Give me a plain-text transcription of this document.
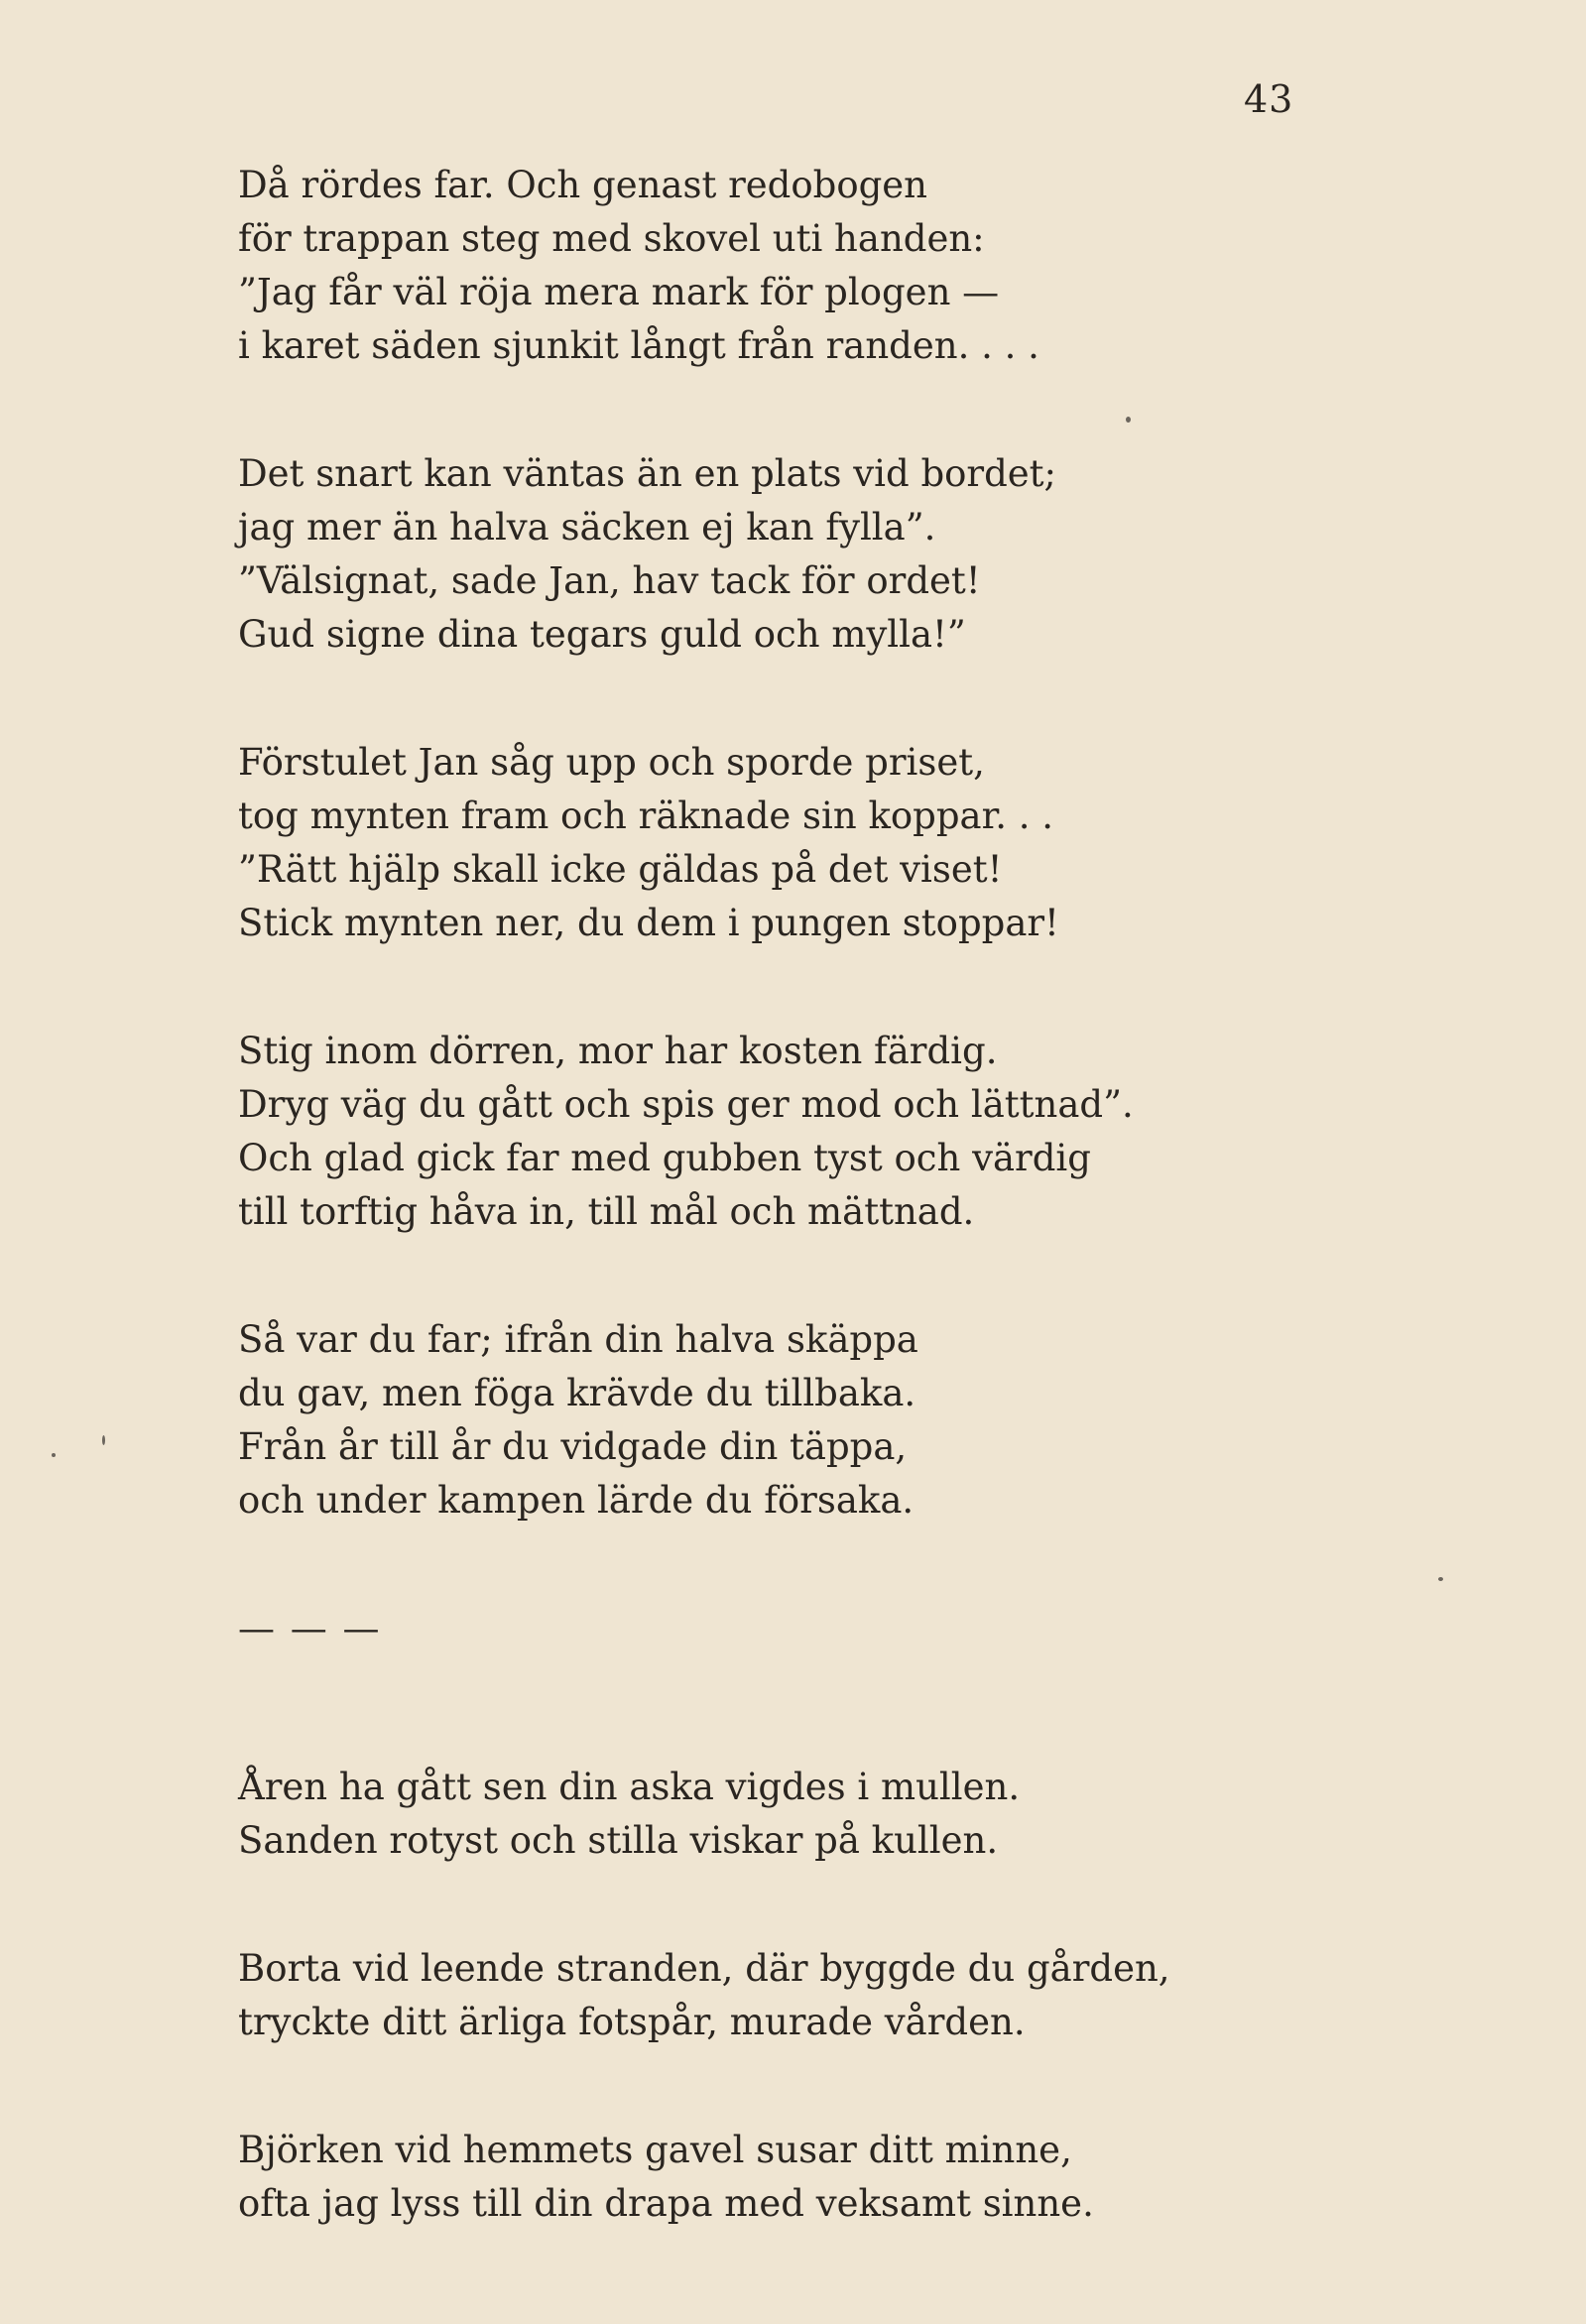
43
Då rördes far. Och genast redobogen
för trappan steg med skovel uti handen:
”Jag får väl röja mera mark för plogen —
i karet säden sjunkit långt från randen. . . .
Det snart kan väntas än en plats vid bordet;
jag mer än halva säcken ej kan fylla”.
”Välsignat, sade Jan, hav tack för ordet!
Gud signe dina tegars guld och mylla!”
Förstulet Jan såg upp och sporde priset,
tog mynten fram och räknade sin koppar. . .
”Rätt hjälp skall icke gäldas på det viset!
Stick mynten ner, du dem i pungen stoppar!
Stig inom dörren, mor har kosten färdig.
Dryg väg du gått och spis ger mod och lättnad”.
Och glad gick far med gubben tyst och värdig
till torftig håva in, till mål och mättnad.
Så var du far; ifrån din halva skäppa
du gav, men föga krävde du tillbaka.
Från år till år du vidgade din täppa,
och under kampen lärde du försaka.
— — —
Åren ha gått sen din aska vigdes i mullen.
Sanden rotyst och stilla viskar på kullen.
Borta vid leende stranden, där byggde du gården,
tryckte ditt ärliga fotspår, murade vården.
Björken vid hemmets gavel susar ditt minne,
ofta jag lyss till din drapa med veksamt sinne.
